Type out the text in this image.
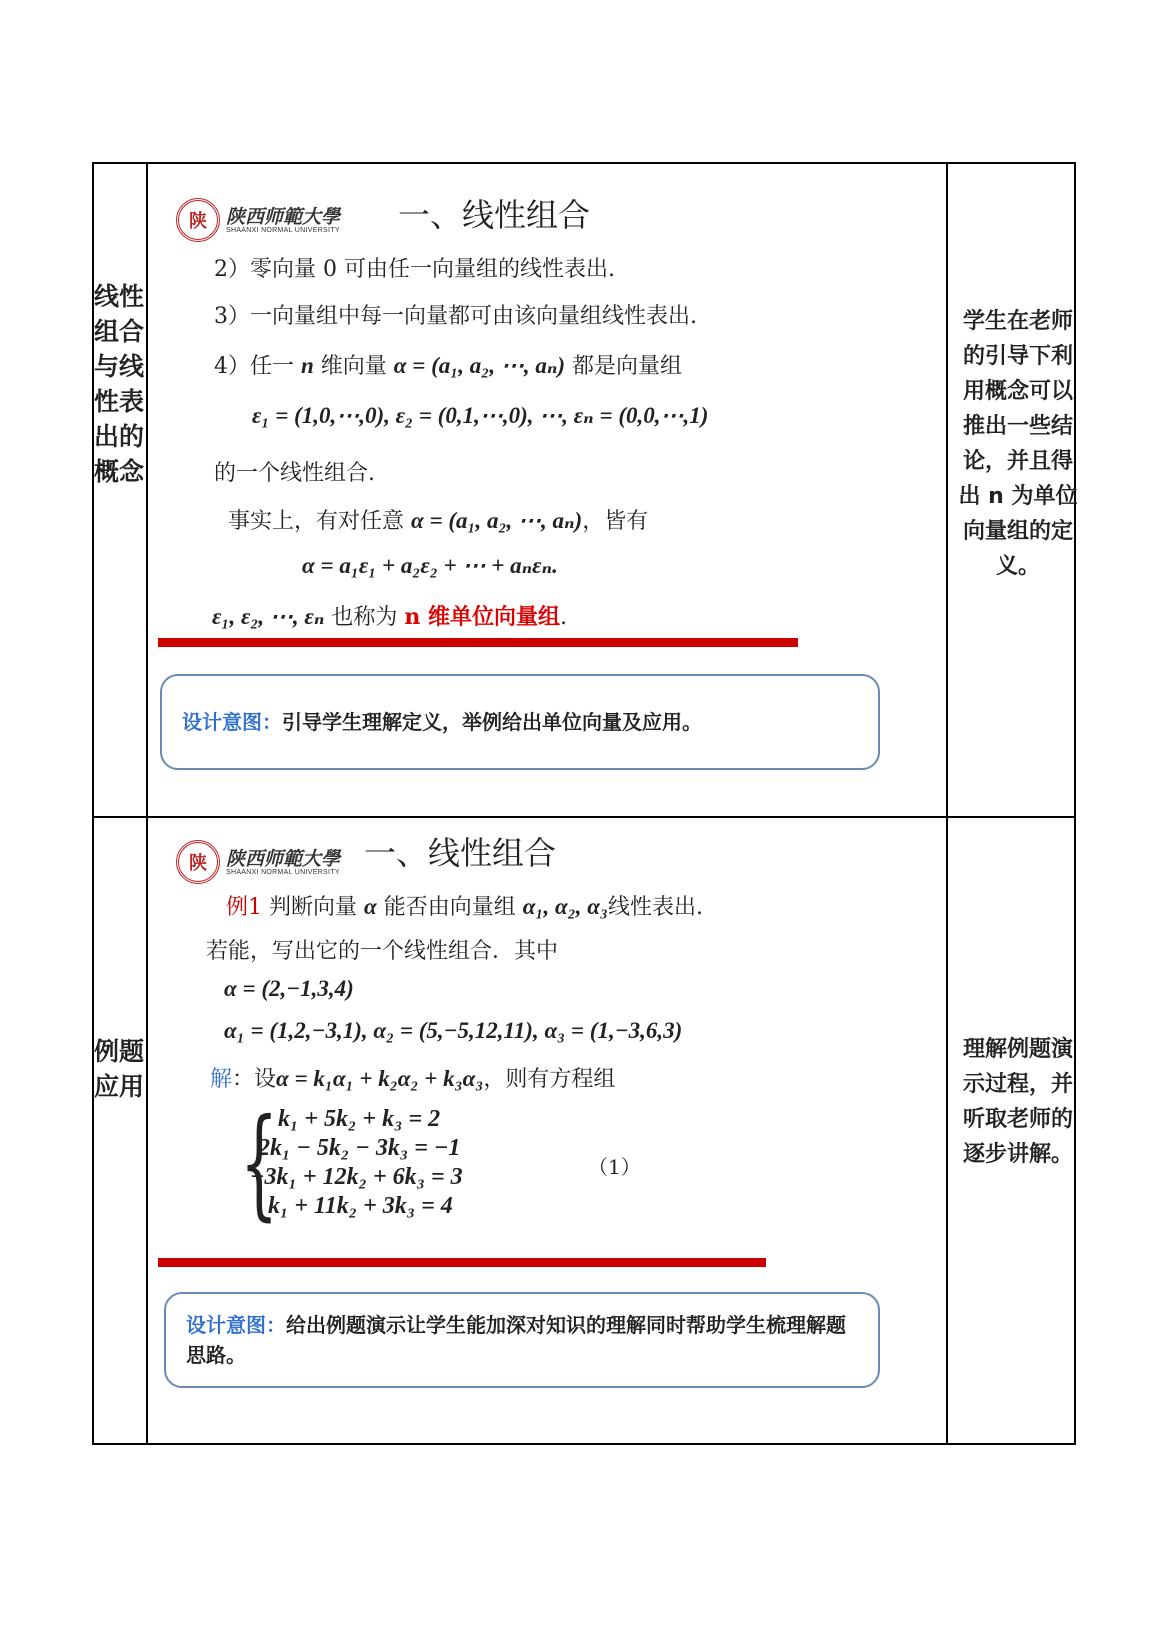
线性组合与线性表出的概念
学生在老师的引导下利用概念可以推出一些结论，并且得出 n 为单位向量组的定义。
陕	陕西师範大學
SHAANXI NORMAL UNIVERSITY 一、线性组合
2）零向量 0 可由任一向量组的线性表出.
3）一向量组中每一向量都可由该向量组线性表出.
4）任一 n 维向量 α = (a₁, a₂, ⋯, aₙ) 都是向量组
ε₁ = (1,0,⋯,0), ε₂ = (0,1,⋯,0), ⋯, εₙ = (0,0,⋯,1)
的一个线性组合.
事实上，有对任意 α = (a₁, a₂, ⋯, aₙ)，皆有
α = a₁ε₁ + a₂ε₂ + ⋯ + aₙεₙ.
ε₁, ε₂, ⋯, εₙ 也称为 n 维单位向量组.
设计意图：引导学生理解定义，举例给出单位向量及应用。
例题应用
理解例题演示过程，并听取老师的逐步讲解。
陕	陕西师範大學
SHAANXI NORMAL UNIVERSITY 一、线性组合
例1 判断向量 α 能否由向量组 α₁, α₂, α₃线性表出.
若能，写出它的一个线性组合．其中
α = (2,−1,3,4)
α₁ = (1,2,−3,1), α₂ = (5,−5,12,11), α₃ = (1,−3,6,3)
解：设α = k₁α₁ + k₂α₂ + k₃α₃，则有方程组
{ k₁ + 5k₂ + k₃ = 2
2k₁ − 5k₂ − 3k₃ = −1
−3k₁ + 12k₂ + 6k₃ = 3
k₁ + 11k₂ + 3k₃ = 4
（1）
设计意图：给出例题演示让学生能加深对知识的理解同时帮助学生梳理解题思路。
